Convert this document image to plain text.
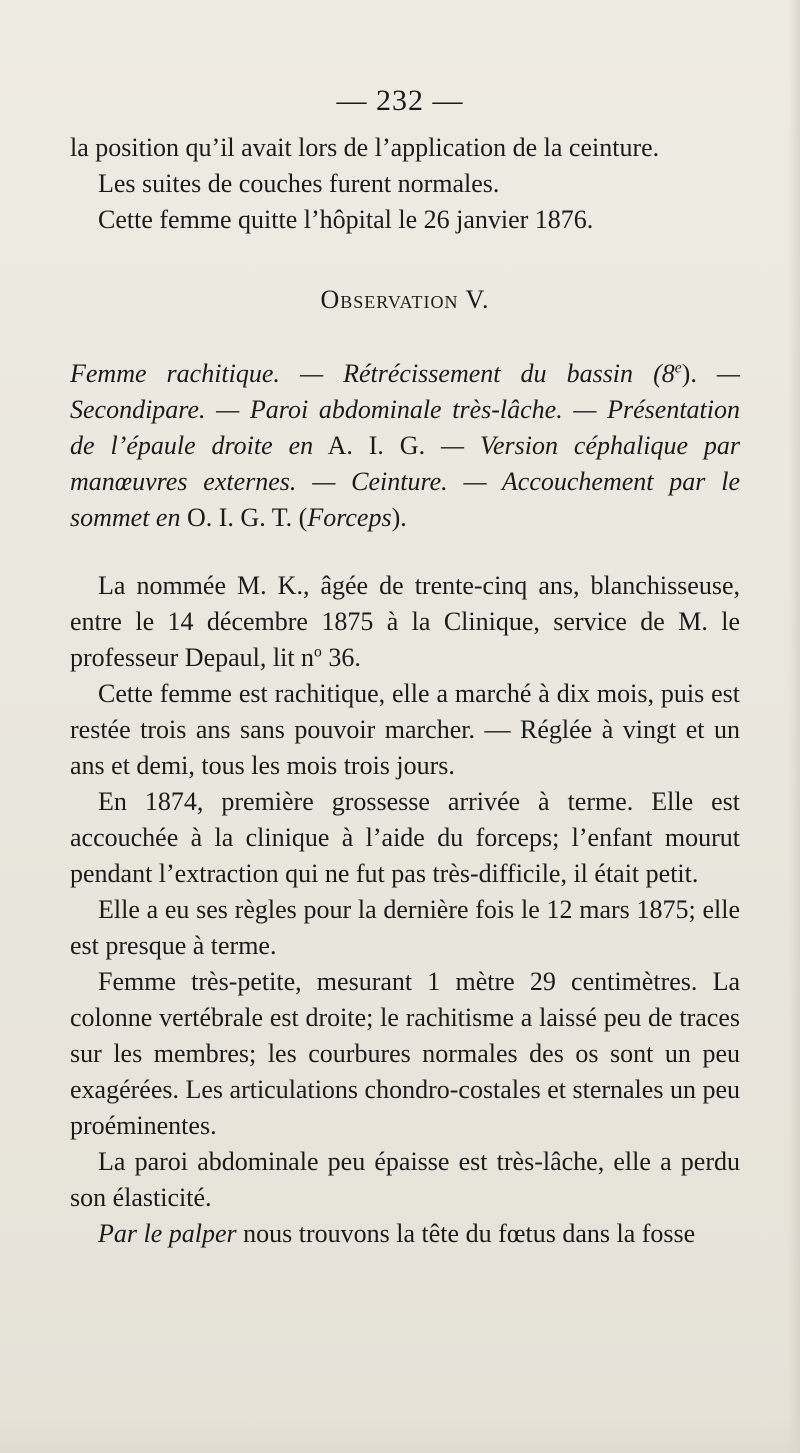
— 232 —

la position qu’il avait lors de l’application de la ceinture.

Les suites de couches furent normales.

Cette femme quitte l’hôpital le 26 janvier 1876.

Observation V.

Femme rachitique. — Rétrécissement du bassin (8e). — Secondipare. — Paroi abdominale très-lâche. — Présentation de l’épaule droite en A. I. G. — Version céphalique par manœuvres externes. — Ceinture. — Accouchement par le sommet en O. I. G. T. (Forceps).

La nommée M. K., âgée de trente-cinq ans, blanchisseuse, entre le 14 décembre 1875 à la Clinique, service de M. le professeur Depaul, lit $n^o$ 36.

Cette femme est rachitique, elle a marché à dix mois, puis est restée trois ans sans pouvoir marcher. — Réglée à vingt et un ans et demi, tous les mois trois jours.

En 1874, première grossesse arrivée à terme. Elle est accouchée à la clinique à l’aide du forceps; l’enfant mourut pendant l’extraction qui ne fut pas très-difficile, il était petit.

Elle a eu ses règles pour la dernière fois le 12 mars 1875; elle est presque à terme.

Femme très-petite, mesurant 1 mètre 29 centimètres. La colonne vertébrale est droite; le rachitisme a laissé peu de traces sur les membres; les courbures normales des os sont un peu exagérées. Les articulations chondro-costales et sternales un peu proéminentes.

La paroi abdominale peu épaisse est très-lâche, elle a perdu son élasticité.

Par le palper nous trouvons la tête du fœtus dans la fosse
